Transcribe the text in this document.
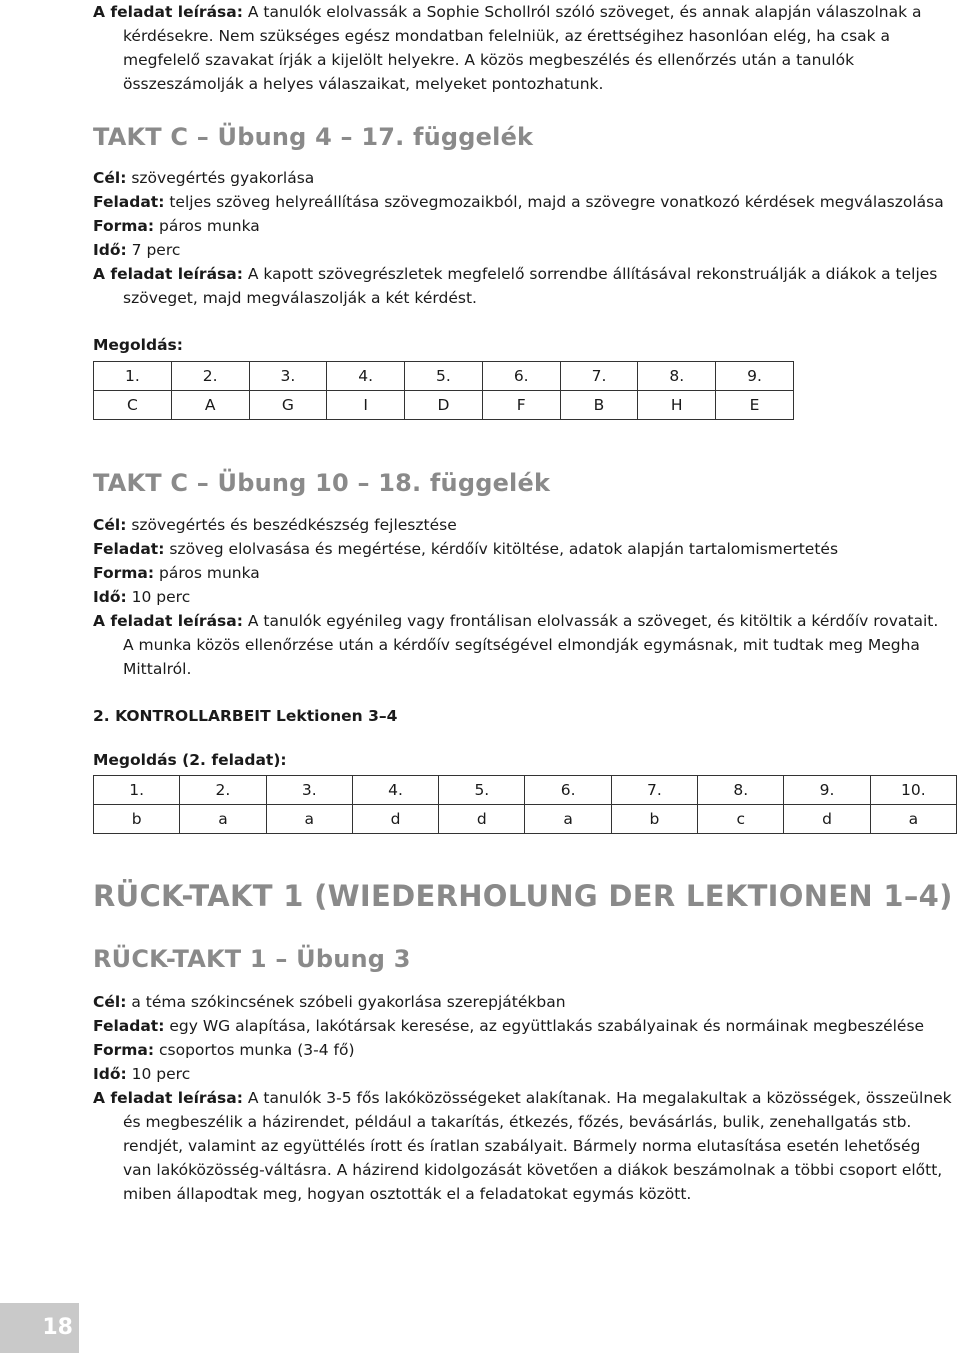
A feladat leírása: A tanulók elolvassák a Sophie Schollról szóló szöveget, és annak alapján válaszolnak a kérdésekre. Nem szükséges egész mondatban felelniük, az érettségihez hasonlóan elég, ha csak a megfelelő szavakat írják a kijelölt helyekre. A közös megbeszélés és ellenőrzés után a tanulók összeszámolják a helyes válaszaikat, melyeket pontozhatunk.
TAKT C – Übung 4 – 17. függelék
Cél: szövegértés gyakorlása
Feladat: teljes szöveg helyreállítása szövegmozaikból, majd a szövegre vonatkozó kérdések megválaszolása
Forma: páros munka
Idő: 7 perc
A feladat leírása: A kapott szövegrészletek megfelelő sorrendbe állításával rekonstruálják a diákok a teljes szöveget, majd megválaszolják a két kérdést.
Megoldás:
1.	2.	3.	4.	5.	6.	7.	8.	9.
C	A	G	I	D	F	B	H	E
TAKT C – Übung 10 – 18. függelék
Cél: szövegértés és beszédkészség fejlesztése
Feladat: szöveg elolvasása és megértése, kérdőív kitöltése, adatok alapján tartalomismertetés
Forma: páros munka
Idő: 10 perc
A feladat leírása: A tanulók egyénileg vagy frontálisan elolvassák a szöveget, és kitöltik a kérdőív rovatait. A munka közös ellenőrzése után a kérdőív segítségével elmondják egymásnak, mit tudtak meg Megha Mittalról.
2. KONTROLLARBEIT Lektionen 3–4
Megoldás (2. feladat):
1.	2.	3.	4.	5.	6.	7.	8.	9.	10.
b	a	a	d	d	a	b	c	d	a
RÜCK-TAKT 1 (WIEDERHOLUNG DER LEKTIONEN 1–4)
RÜCK-TAKT 1 – Übung 3
Cél: a téma szókincsének szóbeli gyakorlása szerepjátékban
Feladat: egy WG alapítása, lakótársak keresése, az együttlakás szabályainak és normáinak megbeszélése
Forma: csoportos munka (3-4 fő)
Idő: 10 perc
A feladat leírása: A tanulók 3-5 fős lakóközösségeket alakítanak. Ha megalakultak a közösségek, összeülnek és megbeszélik a házirendet, például a takarítás, étkezés, főzés, bevásárlás, bulik, zenehallgatás stb. rendjét, valamint az együttélés írott és íratlan szabályait. Bármely norma elutasítása esetén lehetőség van lakóközösség-váltásra. A házirend kidolgozását követően a diákok beszámolnak a többi csoport előtt, miben állapodtak meg, hogyan osztották el a feladatokat egymás között.
18
